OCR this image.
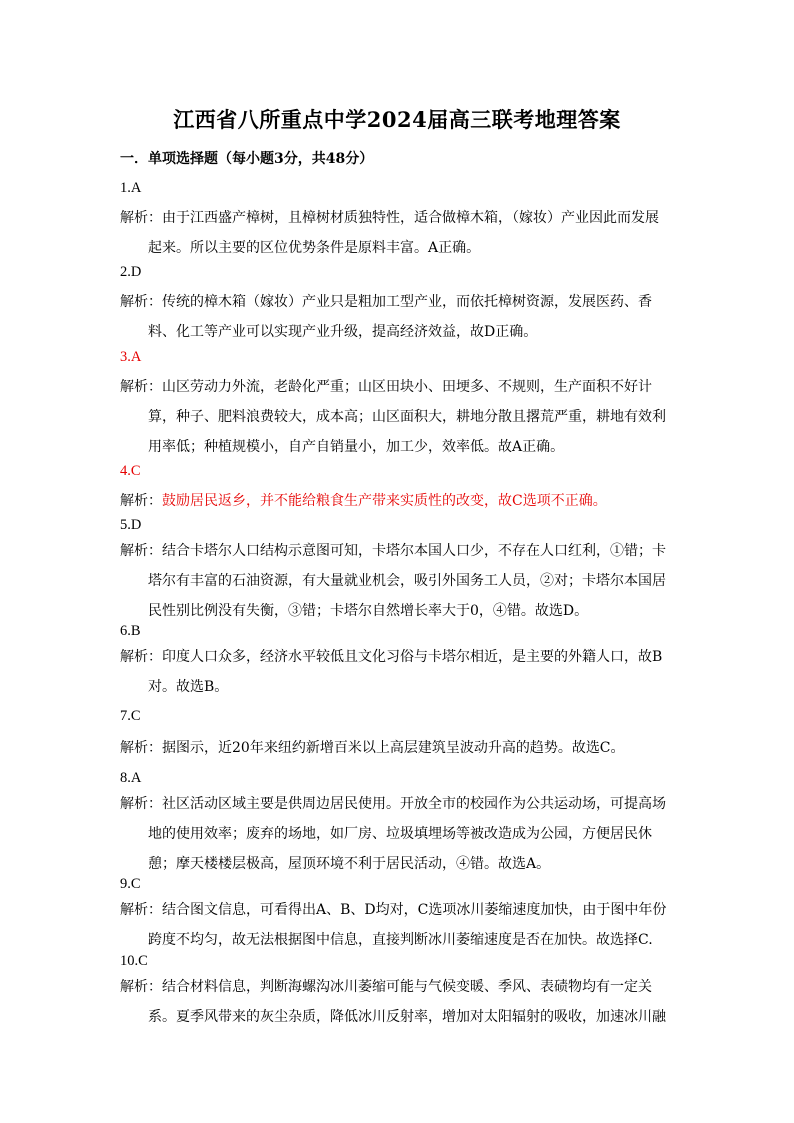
江西省八所重点中学2024届高三联考地理答案
一．单项选择题（每小题3分，共48分）
1.A
解析：由于江西盛产樟树，且樟树材质独特性，适合做樟木箱，（嫁妆）产业因此而发展
起来。所以主要的区位优势条件是原料丰富。A正确。
2.D
解析：传统的樟木箱（嫁妆）产业只是粗加工型产业，而依托樟树资源，发展医药、香
料、化工等产业可以实现产业升级，提高经济效益，故D正确。
3.A
解析：山区劳动力外流，老龄化严重；山区田块小、田埂多、不规则，生产面积不好计
算，种子、肥料浪费较大，成本高；山区面积大，耕地分散且撂荒严重，耕地有效利
用率低；种植规模小，自产自销量小，加工少，效率低。故A正确。
4.C
解析：鼓励居民返乡，并不能给粮食生产带来实质性的改变，故C选项不正确。
5.D
解析：结合卡塔尔人口结构示意图可知，卡塔尔本国人口少，不存在人口红利，①错；卡
塔尔有丰富的石油资源，有大量就业机会，吸引外国务工人员，②对；卡塔尔本国居
民性别比例没有失衡，③错；卡塔尔自然增长率大于0，④错。故选D。
6.B
解析：印度人口众多，经济水平较低且文化习俗与卡塔尔相近，是主要的外籍人口，故B
对。故选B。
7.C
解析：据图示，近20年来纽约新增百米以上高层建筑呈波动升高的趋势。故选C。
8.A
解析：社区活动区域主要是供周边居民使用。开放全市的校园作为公共运动场，可提高场
地的使用效率；废弃的场地，如厂房、垃圾填埋场等被改造成为公园，方便居民休
憩；摩天楼楼层极高，屋顶环境不利于居民活动，④错。故选A。
9.C
解析：结合图文信息，可看得出A、B、D均对，C选项冰川萎缩速度加快，由于图中年份
跨度不均匀，故无法根据图中信息，直接判断冰川萎缩速度是否在加快。故选择C.
10.C
解析：结合材料信息，判断海螺沟冰川萎缩可能与气候变暖、季风、表碛物均有一定关
系。夏季风带来的灰尘杂质，降低冰川反射率，增加对太阳辐射的吸收，加速冰川融
